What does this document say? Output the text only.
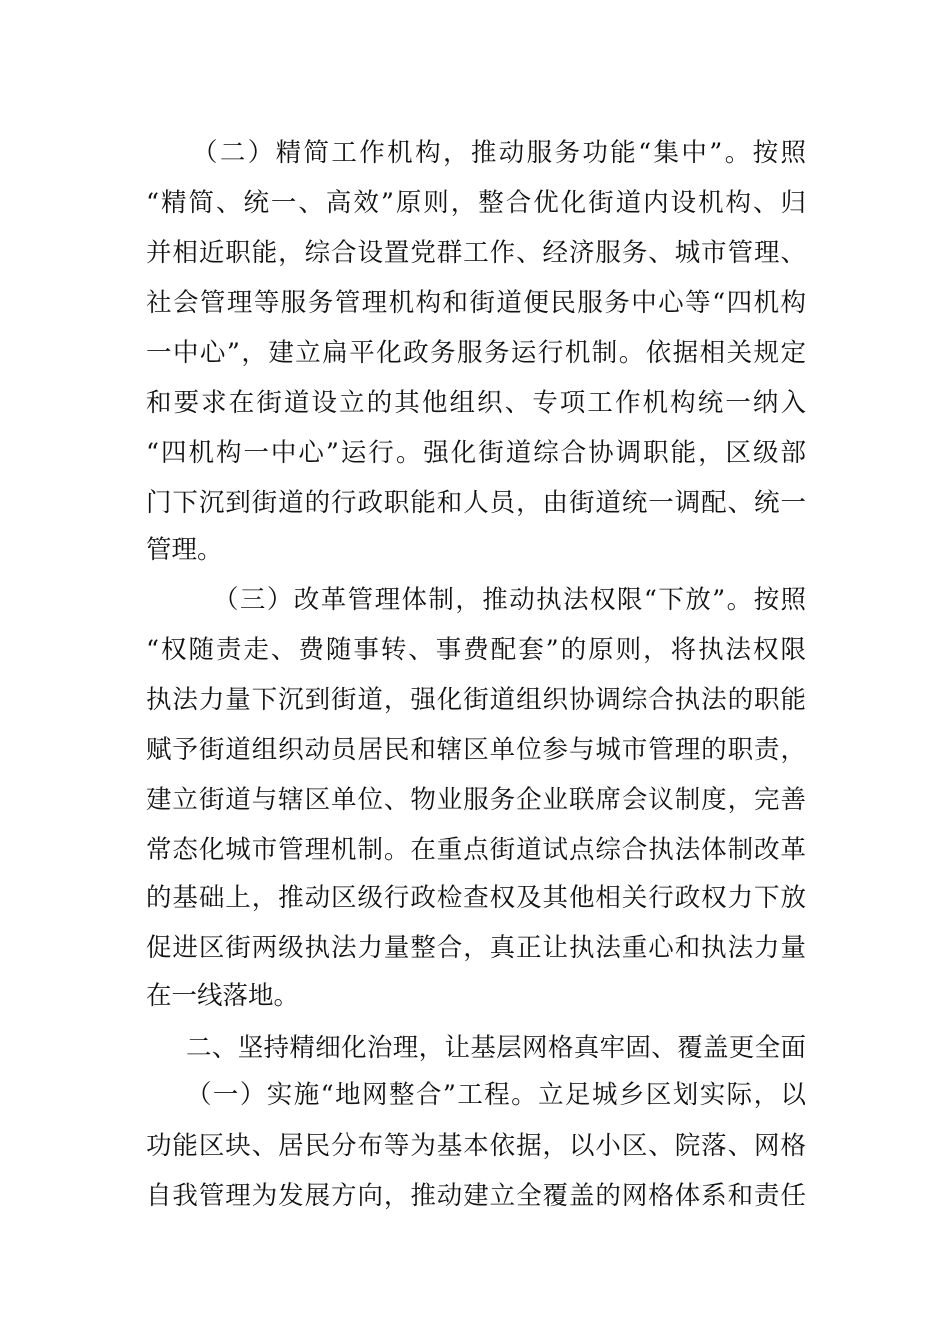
（二）精简工作机构，推动服务功能“集中”。按照
“精简、统一、高效”原则，整合优化街道内设机构、归
并相近职能，综合设置党群工作、经济服务、城市管理、
社会管理等服务管理机构和街道便民服务中心等“四机构
一中心”，建立扁平化政务服务运行机制。依据相关规定
和要求在街道设立的其他组织、专项工作机构统一纳入
“四机构一中心”运行。强化街道综合协调职能，区级部
门下沉到街道的行政职能和人员，由街道统一调配、统一
管理。
（三）改革管理体制，推动执法权限“下放”。按照
“权随责走、费随事转、事费配套”的原则，将执法权限
执法力量下沉到街道，强化街道组织协调综合执法的职能
赋予街道组织动员居民和辖区单位参与城市管理的职责，
建立街道与辖区单位、物业服务企业联席会议制度，完善
常态化城市管理机制。在重点街道试点综合执法体制改革
的基础上，推动区级行政检查权及其他相关行政权力下放
促进区街两级执法力量整合，真正让执法重心和执法力量
在一线落地。
二、坚持精细化治理，让基层网格真牢固、覆盖更全面
（一）实施“地网整合”工程。立足城乡区划实际，以
功能区块、居民分布等为基本依据，以小区、院落、网格
自我管理为发展方向，推动建立全覆盖的网格体系和责任
